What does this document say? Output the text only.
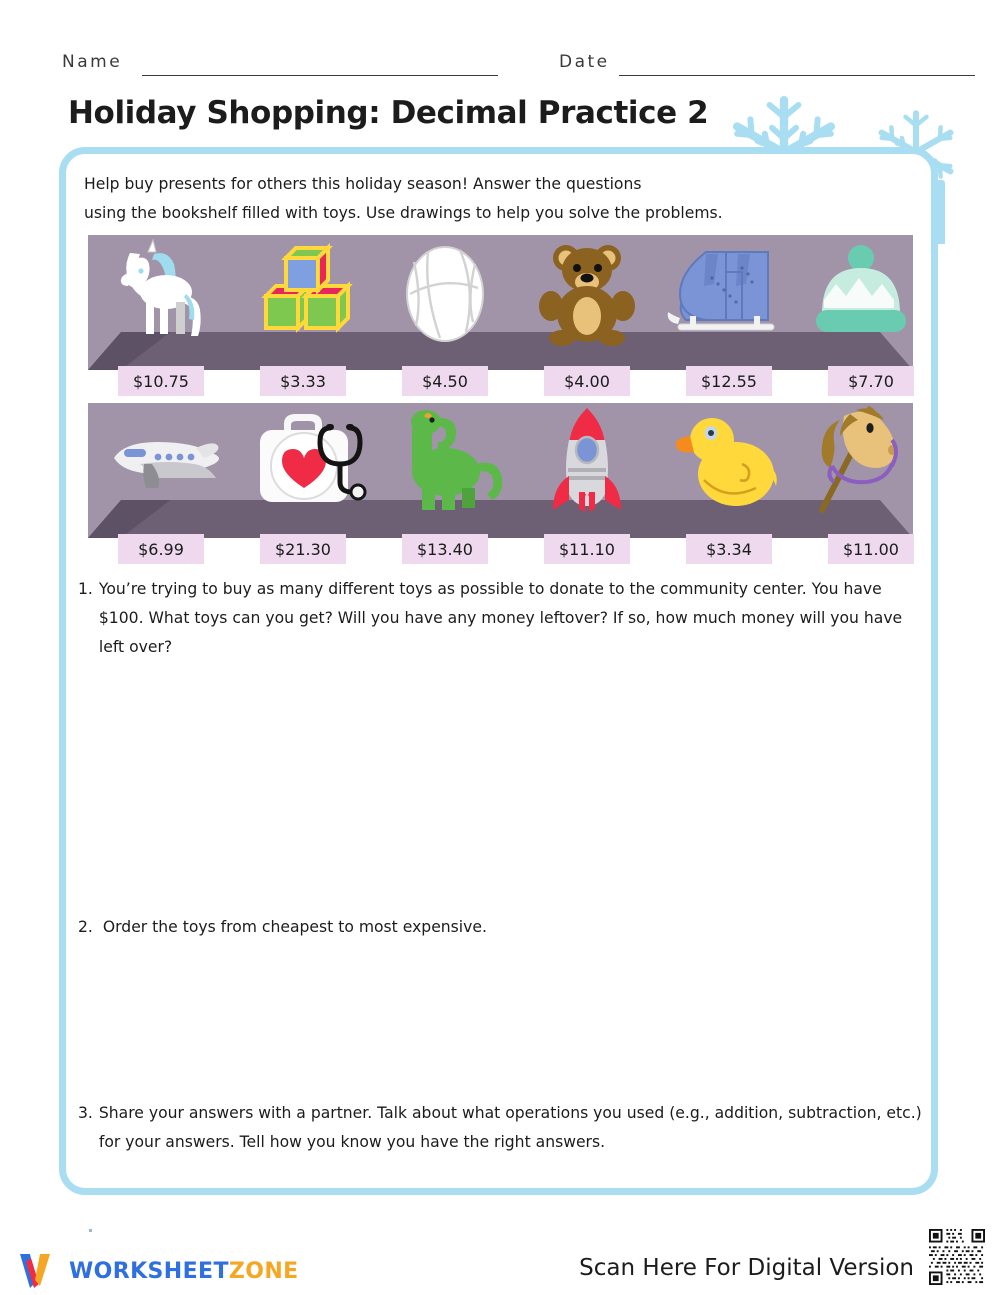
Name	Date
Holiday Shopping: Decimal Practice 2
Help buy presents for others this holiday season! Answer the questions
using the bookshelf filled with toys. Use drawings to help you solve the problems.
$10.75	$3.33	$4.50	$4.00	$12.55	$7.70
$6.99	$21.30	$13.40	$11.10	$3.34	$11.00
1. You’re trying to buy as many different toys as possible to donate to the community center. You have $100. What toys can you get? Will you have any money leftover? If so, how much money will you have left over?
2. Order the toys from cheapest to most expensive.
3. Share your answers with a partner. Talk about what operations you used (e.g., addition, subtraction, etc.) for your answers. Tell how you know you have the right answers.
WORKSHEETZONE	Scan Here For Digital Version
